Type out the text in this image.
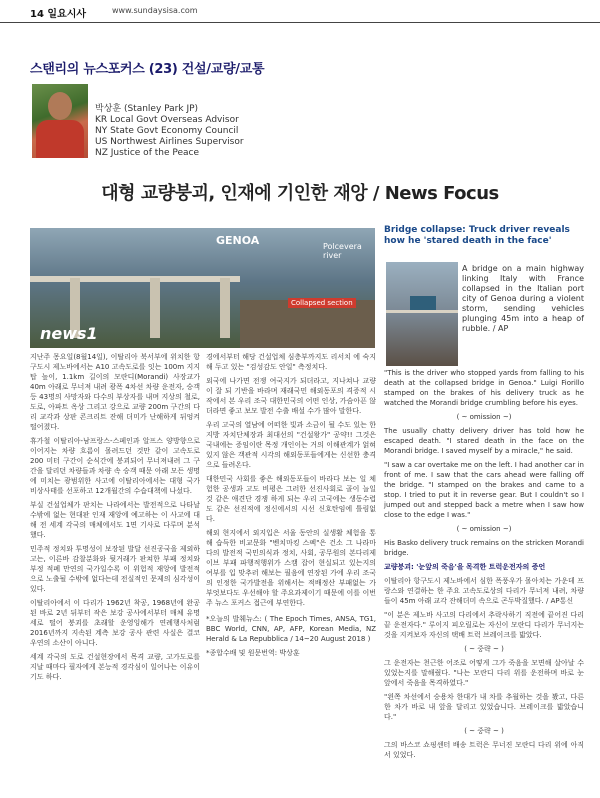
14 일요시사	www.sundaysisa.com
스탠리의 뉴스포커스 (23) 건설/교량/교통
박상훈 (Stanley Park JP)
KR Local Govt Overseas Advisor
NY State Govt Economy Council
US Northwest Airlines Supervisor
NZ Justice of the Peace
대형 교량붕괴, 인재에 기인한 재앙 / News Focus
news1
GENOA	Polcevera river
Collapsed section
Bridge collapse: Truck driver reveals how he 'stared death in the face'
A bridge on a main highway linking Italy with France collapsed in the Italian port city of Genoa during a violent storm, sending vehicles plunging 45m into a heap of rubble. / AP

"This is the driver who stopped yards from falling to his death at the collapsed bridge in Genoa." Luigi Fiorillo stamped on the brakes of his delivery truck as he watched the Morandi bridge crumbling before his eyes.

( ~ omission ~)

The usually chatty delivery driver has told how he escaped death. "I stared death in the face on the Morandi bridge. I saved myself by a miracle," he said.

"I saw a car overtake me on the left. I had another car in front of me. I saw that the cars ahead were falling off the bridge. "I stamped on the brakes and came to a stop. I tried to put it in reverse gear. But I couldn't so I jumped out and stepped back a metre when I saw how close to the edge I was."

( ~ omission ~)

His Basko delivery truck remains on the stricken Morandi bridge.

교량붕괴: '눈앞의 죽음'을 목격한 트럭운전자의 증언

이탈리아 항구도시 제노바에서 심한 폭풍우가 몰아치는 가운데 프랑스와 연결하는 한 주요 고속도로상의 다리가 무너져 내려, 차량들이 45m 아래 교각 잔해더미 속으로 곤두박질했다. / AP통신

"이 분은 제노바 사고의 다리에서 추락사하기 직전에 끝어진 다리 끝 운전자다." 루이지 피오릴로는 자신이 모란디 다리가 무너지는 것을 지켜보자 자신의 택배 트럭 브레이크를 밟았다.

( ~ 중략 ~ )

그 운전자는 천근한 어조로 어떻게 그가 죽음을 모면해 살아날 수 있었는지를 말해줬다. "나는 모란디 다리 위를 운전하며 바로 눈 앞에서 죽음을 목격하였다."

"왼쪽 차선에서 승용차 한대가 내 차를 추월하는 것을 봤고, 다른 한 차가 바로 내 앞을 달리고 있었습니다. 브레이크를 밟았습니다."

( ~ 중략 ~ )

그의 바스코 쇼핑센터 배송 트럭은 무너진 모란디 다리 위에 아직 서 있었다.

지난주 몽요일(8월14일), 이탈리아 북서부에 위치한 항구도시 제노바에서는 A10 고속도로를 잇는 100m 지지탑 높이, 1.1km 길이의 모란디(Morandi) 사장교가 40m 아래로 무너져 내려 광폭 4차선 차량 운전자, 승객 등 43명의 사망자와 다수의 부상자를 내며 지상의 철로, 도로, 아파트 옥상 그리고 강으로 교량 200m 구간의 다리 교각과 상판 콘크리트 잔해 더미가 난해하게 뒤엉켜 떨어졌다.

휴가철 이탈리아-남프랑스-스페인과 알프스 양방향으로 이어지는 차량 흐름이 몰려드던 것만 같이 고속도로 200 미터 구간이 순식간에 붕괴되어 무너져내려 그 구간을 달리던 차량들과 차량 속 승객 때문 아래 모든 생명에 미치는 광범위한 사고에 이탈리아에서는 대형 국가 비상사태를 선포하고 12개월간의 수습대책에 나섰다.

부실 건설업체가 판치는 나라에서는 발전적으로 나타날 수밖에 없는 현대판 인재 재앙에 예고하는 이 사고에 대해 전 세계 각국의 매체에서도 1면 기사로 다루며 분석했다.

민주적 정치와 투명성이 보장된 발달 선진공국을 제외하고는, 이른바 감찰분화와 뒷거래가 판쳐한 부패 정치와 부정 적폐 만연의 국가일수록 이 위험적 재앙에 발전적으로 노출될 수밖에 없다는데 전실적인 문제의 심각성이 있다.

이탈리아에서 이 다리가 1962년 착공, 1968년에 완공된 바로 2년 뒤부터 작은 보강 공사에서부터 매체 유명세로 떨어 붕괴를 초래할 운영잉해가 연례행사처럼 2016년까지 지속된 계측 보강 공사 관련 사실은 결코 우연의 소산이 아니다.

세계 각국의 도로 건설현장에서 목격 교량, 고가도로를 지날 때마다 필자에게 본능적 경각심이 일어나는 이유이기도 하다.

경에서부터 해당 건설업체 심층부까지도 리서치 에 숙지해 두고 있는 "검성감도 안일" 측정치다.

외국에 나가면 전쟁 여국지가 되더라고, 지나쳐나 교량이 잘 되 기반을 바라며 재래국민 해외동포의 격증적 시작에서 본 우리 조국 대한민국의 어떤 인상, 가슴아픈 않더라면 좋고 보모 발전 수출 배설 수가 많아 말한다.

우리 고국의 열남에 어떠한 빛과 소금이 될 수도 있는 한 지방 자치단체장과 최대선의 "건설왕가" 공약!! 그것은 국내에는 증임이란 목정 개인이는 거의 이해관계가 얽혀있지 않은 객관적 시각의 해외동포들에게는 신선한 충격으로 들려온다.

대한민국 사회를 좋은 해외동포들이 바라다 보는 일 체험한 공생과 고도 비평은 그러한 선진사회로 골이 늘일 것 같은 애견단 경쟁 하게 되는 우리 고국에는 생동수렵도 같은 선진적에 정신에서의 시선 신호탄임에 틀림없다.

해외 현지에서 외지입은 서울 동안의 실생활 체험을 통해 습득한 비교문화 "벤치마킹 스펙"은 건소 그 나라마다의 발전적 국민의식과 정치, 사회, 공무원의 본다리제이브 부패 파행적행위가 스캠 잡어 현실되고 있는지의 여부를 입 맞추러 해보는 필음에 연장된 가에 우리 조국의 인정한 국가발전을 위해서는 적배정산 부패없는 가 부엇보다도 우선해야 할 주요과제이기 때문에 이를 이번주 뉴스 포커스 접근에 부연한다.

*오늘의 발췌뉴스: ( The Epoch Times, ANSA, TG1, BBC World, CNN, AP, AFP, Korean Media, NZ Herald & La Repubblica / 14~20 August 2018 )

*종합수배 및 원문번역: 박상훈
